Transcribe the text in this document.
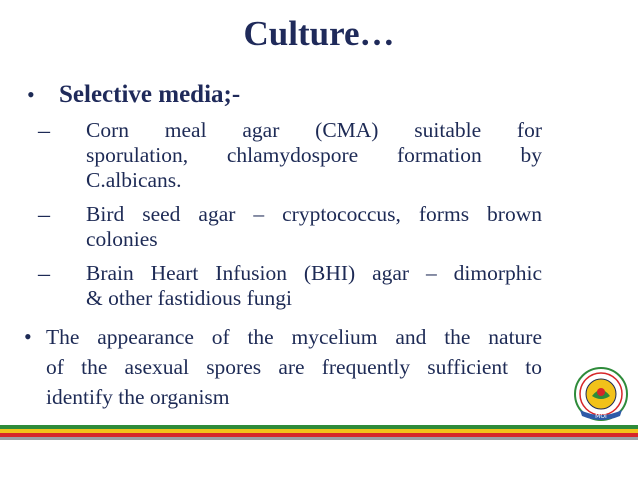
Culture…
• Selective media;-
– Corn meal agar (CMA) suitable for
sporulation, chlamydospore formation by
C.albicans.
– Bird seed agar – cryptococcus, forms brown
colonies
– Brain Heart Infusion (BHI) agar – dimorphic
& other fastidious fungi
• The appearance of the mycelium and the nature
of the asexual spores are frequently sufficient to
identify the organism
MOI
